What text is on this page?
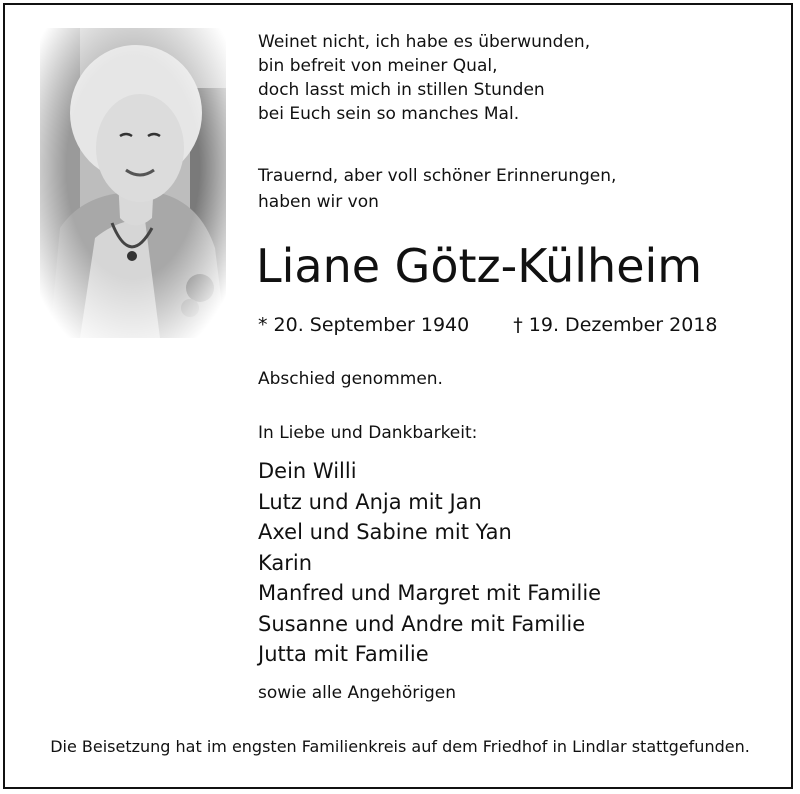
Weinet nicht, ich habe es überwunden,
bin befreit von meiner Qual,
doch lasst mich in stillen Stunden
bei Euch sein so manches Mal.
Trauernd, aber voll schöner Erinnerungen,
haben wir von
Liane Götz-Külheim
* 20. September 1940 † 19. Dezember 2018
Abschied genommen.
In Liebe und Dankbarkeit:
Dein Willi
Lutz und Anja mit Jan
Axel und Sabine mit Yan
Karin
Manfred und Margret mit Familie
Susanne und Andre mit Familie
Jutta mit Familie
sowie alle Angehörigen
Die Beisetzung hat im engsten Familienkreis auf dem Friedhof in Lindlar stattgefunden.
